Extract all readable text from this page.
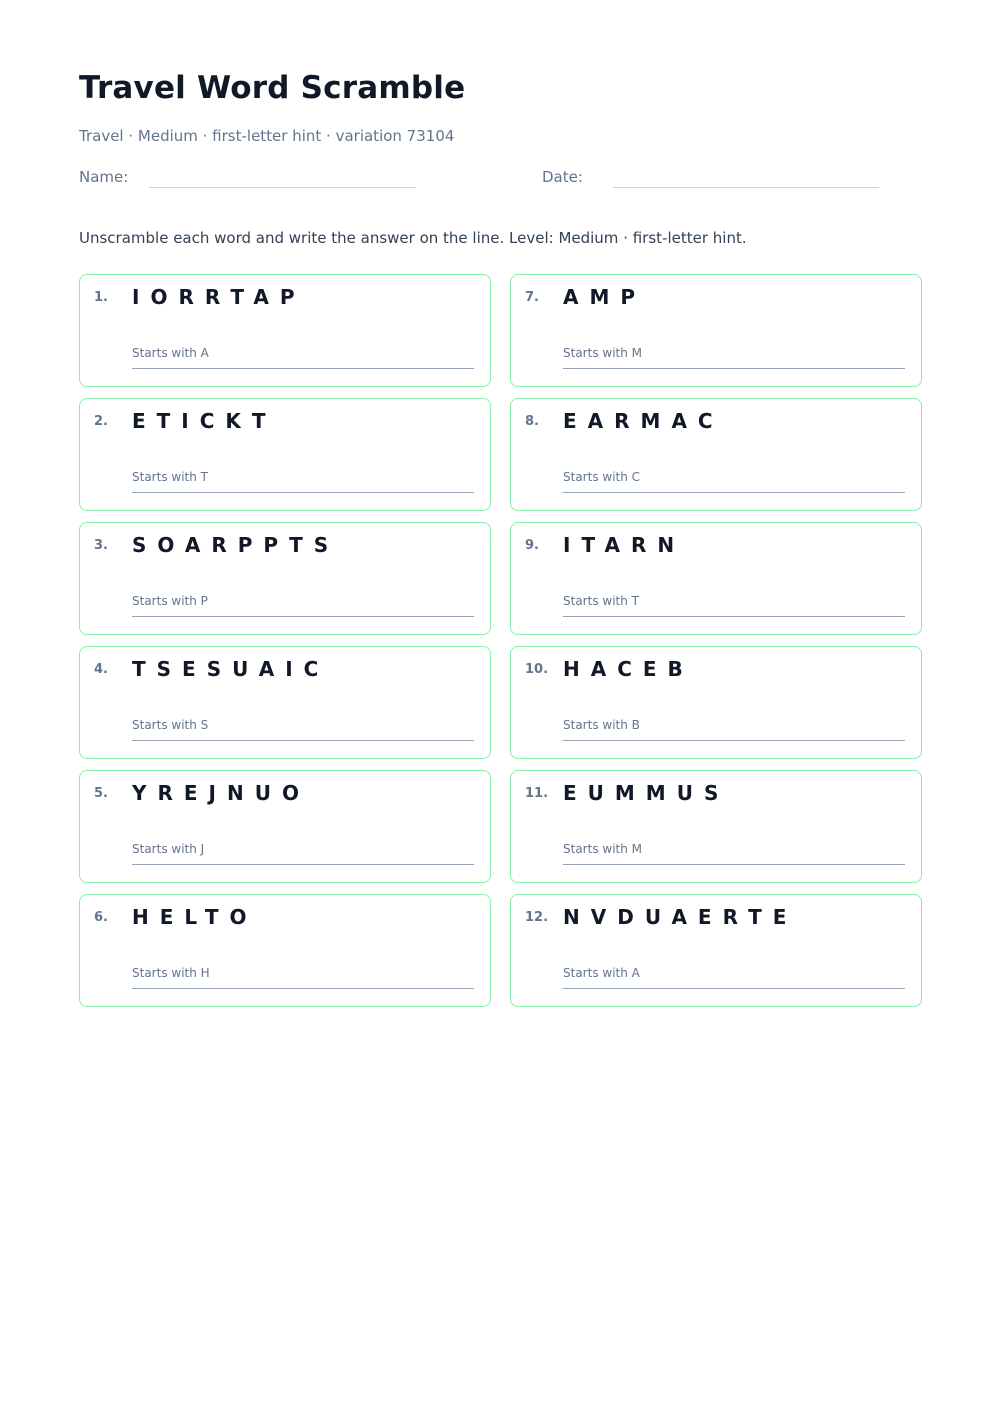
Travel Word Scramble
Travel · Medium · first-letter hint · variation 73104
Name:	Date:
Unscramble each word and write the answer on the line. Level: Medium · first-letter hint.
1. IORRTAP
Starts with A
2. ETICKT
Starts with T
3. SOARPPTS
Starts with P
4. TSESUAIC
Starts with S
5. YREJNUO
Starts with J
6. HELTO
Starts with H
7. AMP
Starts with M
8. EARMAC
Starts with C
9. ITARN
Starts with T
10. HACEB
Starts with B
11. EUMMUS
Starts with M
12. NVDUAERTE
Starts with A
